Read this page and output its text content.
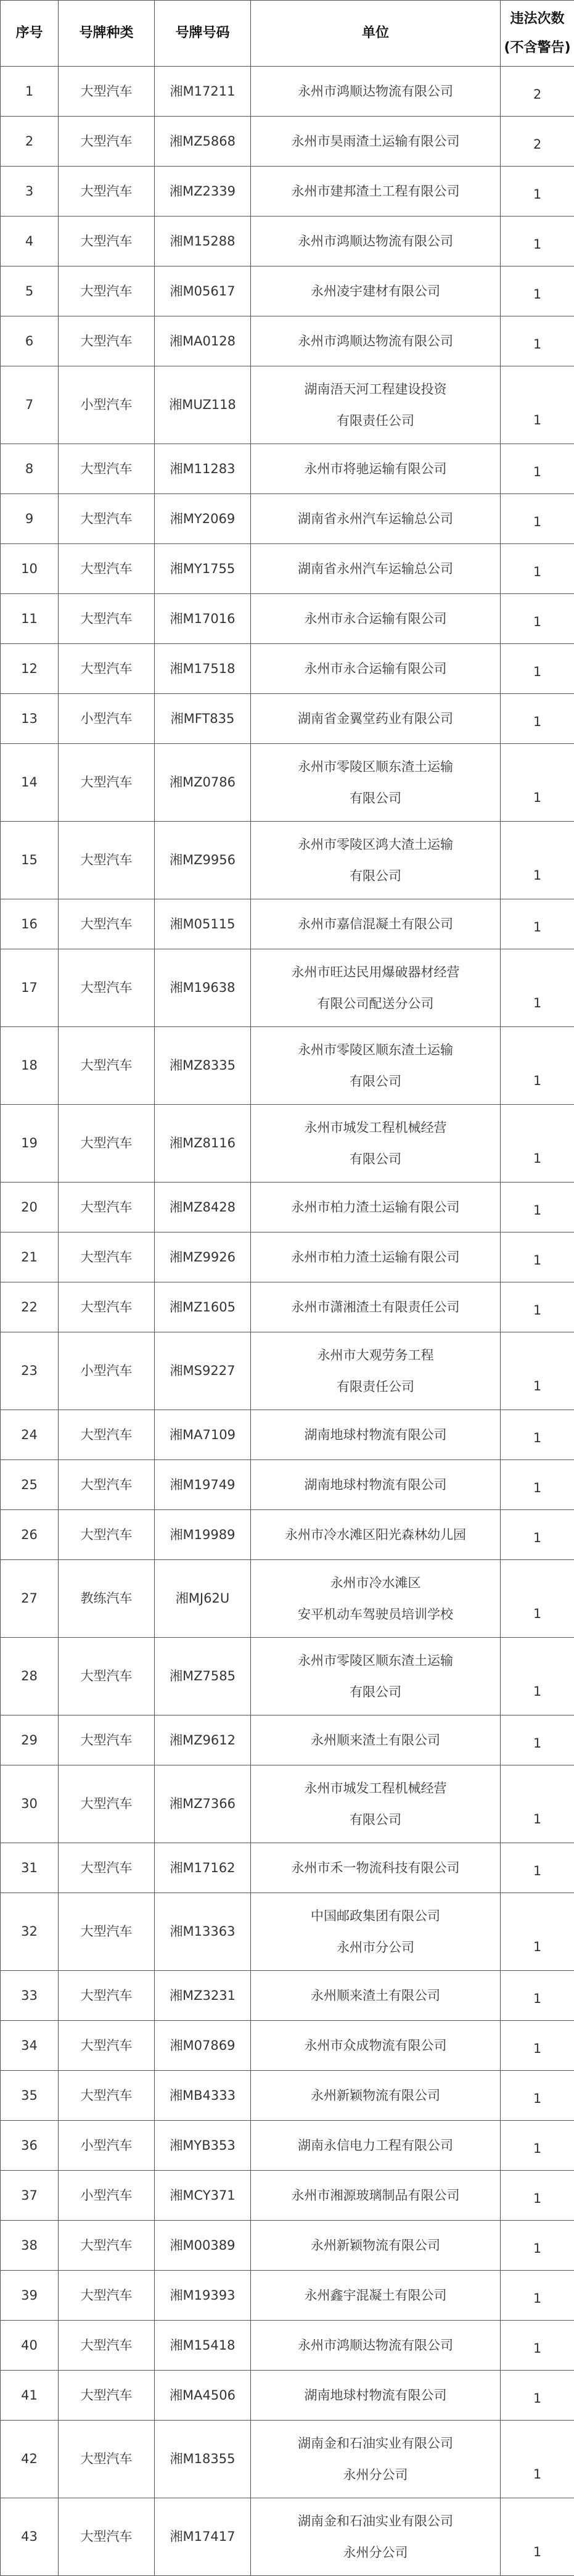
序号	号牌种类	号牌号码	单位	违法次数
(不含警告)

1	大型汽车	湘M17211	永州市鸿顺达物流有限公司	2

2	大型汽车	湘MZ5868	永州市昊雨渣土运输有限公司	2

3	大型汽车	湘MZ2339	永州市建邦渣土工程有限公司	1

4	大型汽车	湘M15288	永州市鸿顺达物流有限公司	1

5	大型汽车	湘M05617	永州凌宇建材有限公司	1

6	大型汽车	湘MA0128	永州市鸿顺达物流有限公司	1

7	小型汽车	湘MUZ118	湖南浯天河工程建设投资
有限责任公司	1

8	大型汽车	湘M11283	永州市将驰运输有限公司	1

9	大型汽车	湘MY2069	湖南省永州汽车运输总公司	1

10	大型汽车	湘MY1755	湖南省永州汽车运输总公司	1

11	大型汽车	湘M17016	永州市永合运输有限公司	1

12	大型汽车	湘M17518	永州市永合运输有限公司	1

13	小型汽车	湘MFT835	湖南省金翼堂药业有限公司	1

14	大型汽车	湘MZ0786	永州市零陵区顺东渣土运输
有限公司	1

15	大型汽车	湘MZ9956	永州市零陵区鸿大渣土运输
有限公司	1

16	大型汽车	湘M05115	永州市嘉信混凝土有限公司	1

17	大型汽车	湘M19638	永州市旺达民用爆破器材经营
有限公司配送分公司	1

18	大型汽车	湘MZ8335	永州市零陵区顺东渣土运输
有限公司	1

19	大型汽车	湘MZ8116	永州市城发工程机械经营
有限公司	1

20	大型汽车	湘MZ8428	永州市柏力渣土运输有限公司	1

21	大型汽车	湘MZ9926	永州市柏力渣土运输有限公司	1

22	大型汽车	湘MZ1605	永州市潇湘渣土有限责任公司	1

23	小型汽车	湘MS9227	永州市大观劳务工程
有限责任公司	1

24	大型汽车	湘MA7109	湖南地球村物流有限公司	1

25	大型汽车	湘M19749	湖南地球村物流有限公司	1

26	大型汽车	湘M19989	永州市冷水滩区阳光森林幼儿园	1

27	教练汽车	湘MJ62U	永州市冷水滩区
安平机动车驾驶员培训学校	1

28	大型汽车	湘MZ7585	永州市零陵区顺东渣土运输
有限公司	1

29	大型汽车	湘MZ9612	永州顺来渣土有限公司	1

30	大型汽车	湘MZ7366	永州市城发工程机械经营
有限公司	1

31	大型汽车	湘M17162	永州市禾一物流科技有限公司	1

32	大型汽车	湘M13363	中国邮政集团有限公司
永州市分公司	1

33	大型汽车	湘MZ3231	永州顺来渣土有限公司	1

34	大型汽车	湘M07869	永州市众成物流有限公司	1

35	大型汽车	湘MB4333	永州新颖物流有限公司	1

36	小型汽车	湘MYB353	湖南永信电力工程有限公司	1

37	小型汽车	湘MCY371	永州市湘源玻璃制品有限公司	1

38	大型汽车	湘M00389	永州新颖物流有限公司	1

39	大型汽车	湘M19393	永州鑫宇混凝土有限公司	1

40	大型汽车	湘M15418	永州市鸿顺达物流有限公司	1

41	大型汽车	湘MA4506	湖南地球村物流有限公司	1

42	大型汽车	湘M18355	湖南金和石油实业有限公司
永州分公司	1

43	大型汽车	湘M17417	湖南金和石油实业有限公司
永州分公司	1
